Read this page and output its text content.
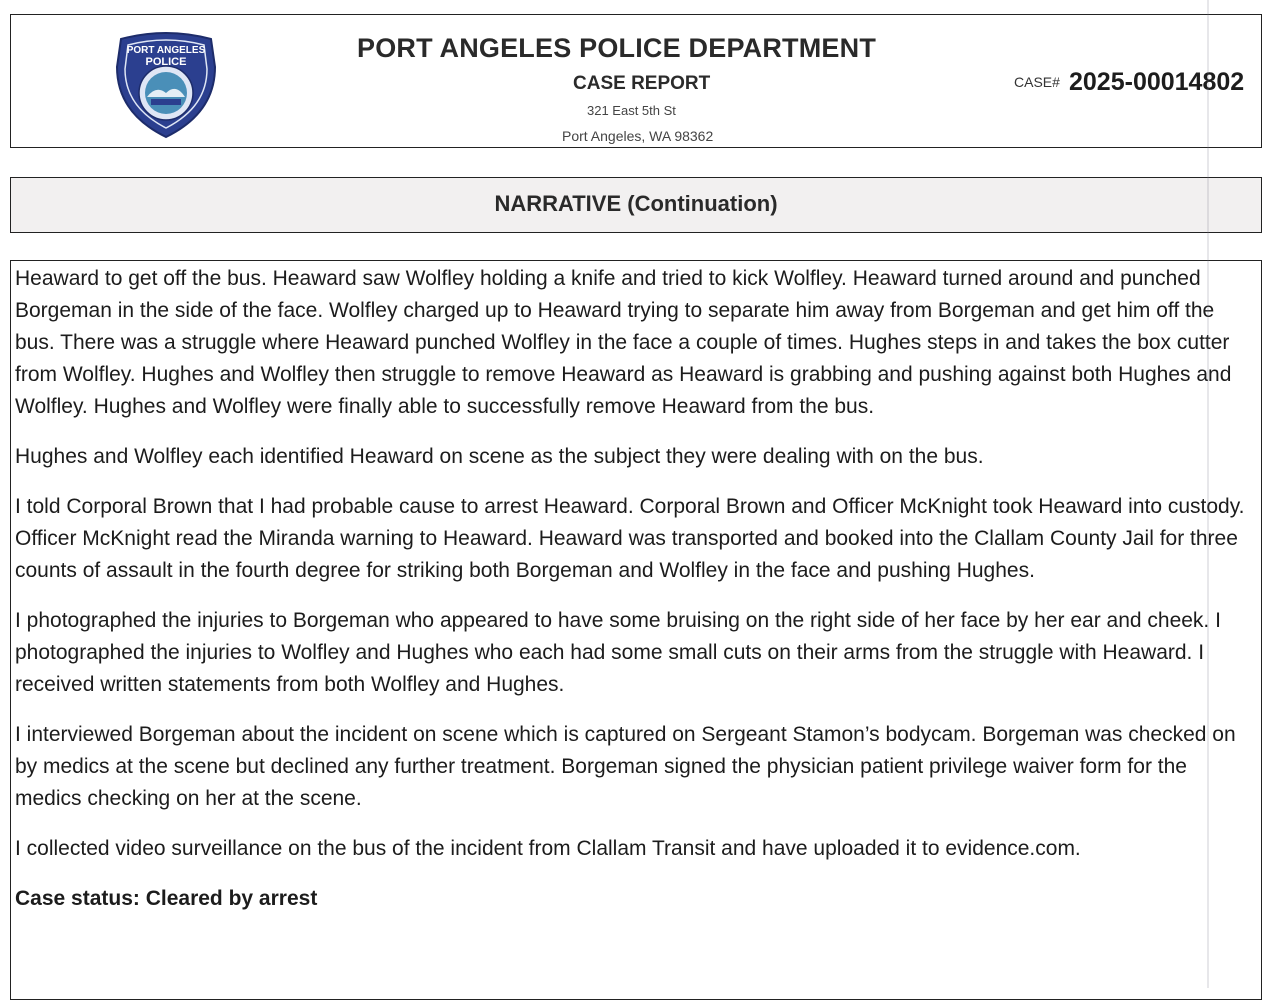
PORT ANGELES
POLICE	PORT ANGELES POLICE DEPARTMENT
CASE REPORT
321 East 5th St
Port Angeles, WA 98362
CASE# 2025-00014802
NARRATIVE (Continuation)

Heaward to get off the bus. Heaward saw Wolfley holding a knife and tried to kick Wolfley. Heaward turned around and punched Borgeman in the side of the face. Wolfley charged up to Heaward trying to separate him away from Borgeman and get him off the bus. There was a struggle where Heaward punched Wolfley in the face a couple of times. Hughes steps in and takes the box cutter from Wolfley. Hughes and Wolfley then struggle to remove Heaward as Heaward is grabbing and pushing against both Hughes and Wolfley. Hughes and Wolfley were finally able to successfully remove Heaward from the bus.

Hughes and Wolfley each identified Heaward on scene as the subject they were dealing with on the bus.

I told Corporal Brown that I had probable cause to arrest Heaward. Corporal Brown and Officer McKnight took Heaward into custody. Officer McKnight read the Miranda warning to Heaward. Heaward was transported and booked into the Clallam County Jail for three counts of assault in the fourth degree for striking both Borgeman and Wolfley in the face and pushing Hughes.

I photographed the injuries to Borgeman who appeared to have some bruising on the right side of her face by her ear and cheek. I photographed the injuries to Wolfley and Hughes who each had some small cuts on their arms from the struggle with Heaward. I received written statements from both Wolfley and Hughes.

I interviewed Borgeman about the incident on scene which is captured on Sergeant Stamon’s bodycam. Borgeman was checked on by medics at the scene but declined any further treatment. Borgeman signed the physician patient privilege waiver form for the medics checking on her at the scene.

I collected video surveillance on the bus of the incident from Clallam Transit and have uploaded it to evidence.com.

Case status: Cleared by arrest
